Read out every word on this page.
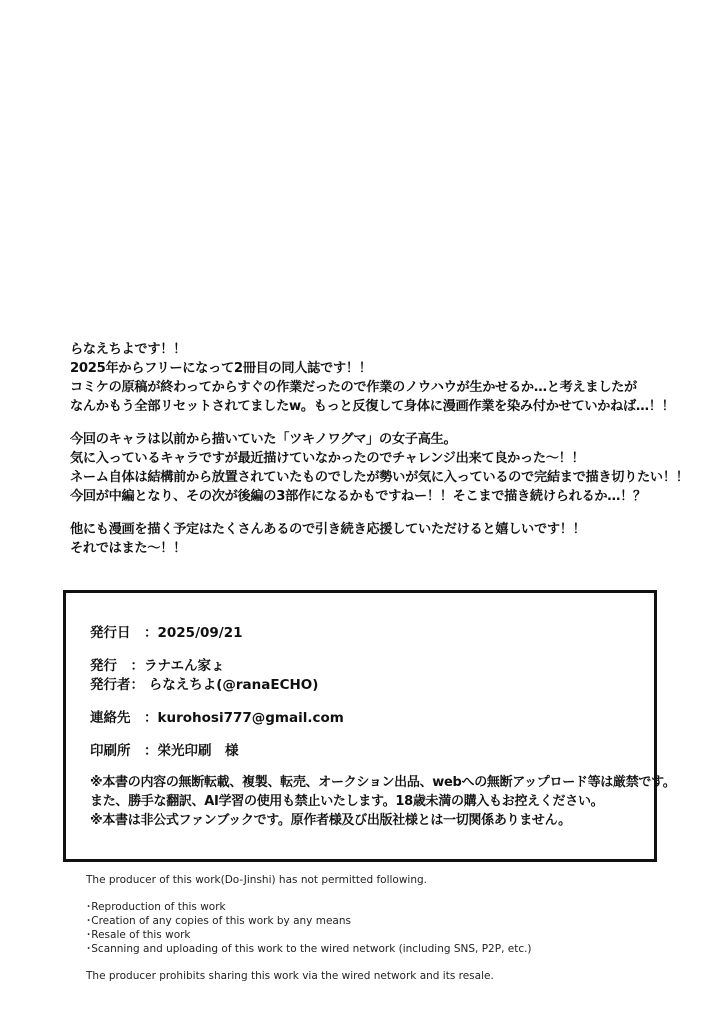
らなえちよです！！
2025年からフリーになって2冊目の同人誌です！！
コミケの原稿が終わってからすぐの作業だったので作業のノウハウが生かせるか…と考えましたが
なんかもう全部リセットされてましたw。もっと反復して身体に漫画作業を染み付かせていかねば…！！
今回のキャラは以前から描いていた「ツキノワグマ」の女子高生。
気に入っているキャラですが最近描けていなかったのでチャレンジ出来て良かった～！！
ネーム自体は結構前から放置されていたものでしたが勢いが気に入っているので完結まで描き切りたい！！
今回が中編となり、その次が後編の3部作になるかもですねー！！そこまで描き続けられるか…！？
他にも漫画を描く予定はたくさんあるので引き続き応援していただけると嬉しいです！！
それではまた～！！
発行日　：2025/09/21
発行　：ラナエん家ょ
発行者： らなえちよ(@ranaECHO)
連絡先　：kurohosi777@gmail.com
印刷所　：栄光印刷　様
※本書の内容の無断転載、複製、転売、オークション出品、webへの無断アップロード等は厳禁です。
また、勝手な翻訳、AI学習の使用も禁止いたします。18歳未満の購入もお控えください。
※本書は非公式ファンブックです。原作者様及び出版社様とは一切関係ありません。
The producer of this work(Do-Jinshi) has not permitted following.
･Reproduction of this work
･Creation of any copies of this work by any means
･Resale of this work
･Scanning and uploading of this work to the wired network (including SNS, P2P, etc.)
The producer prohibits sharing this work via the wired network and its resale.
